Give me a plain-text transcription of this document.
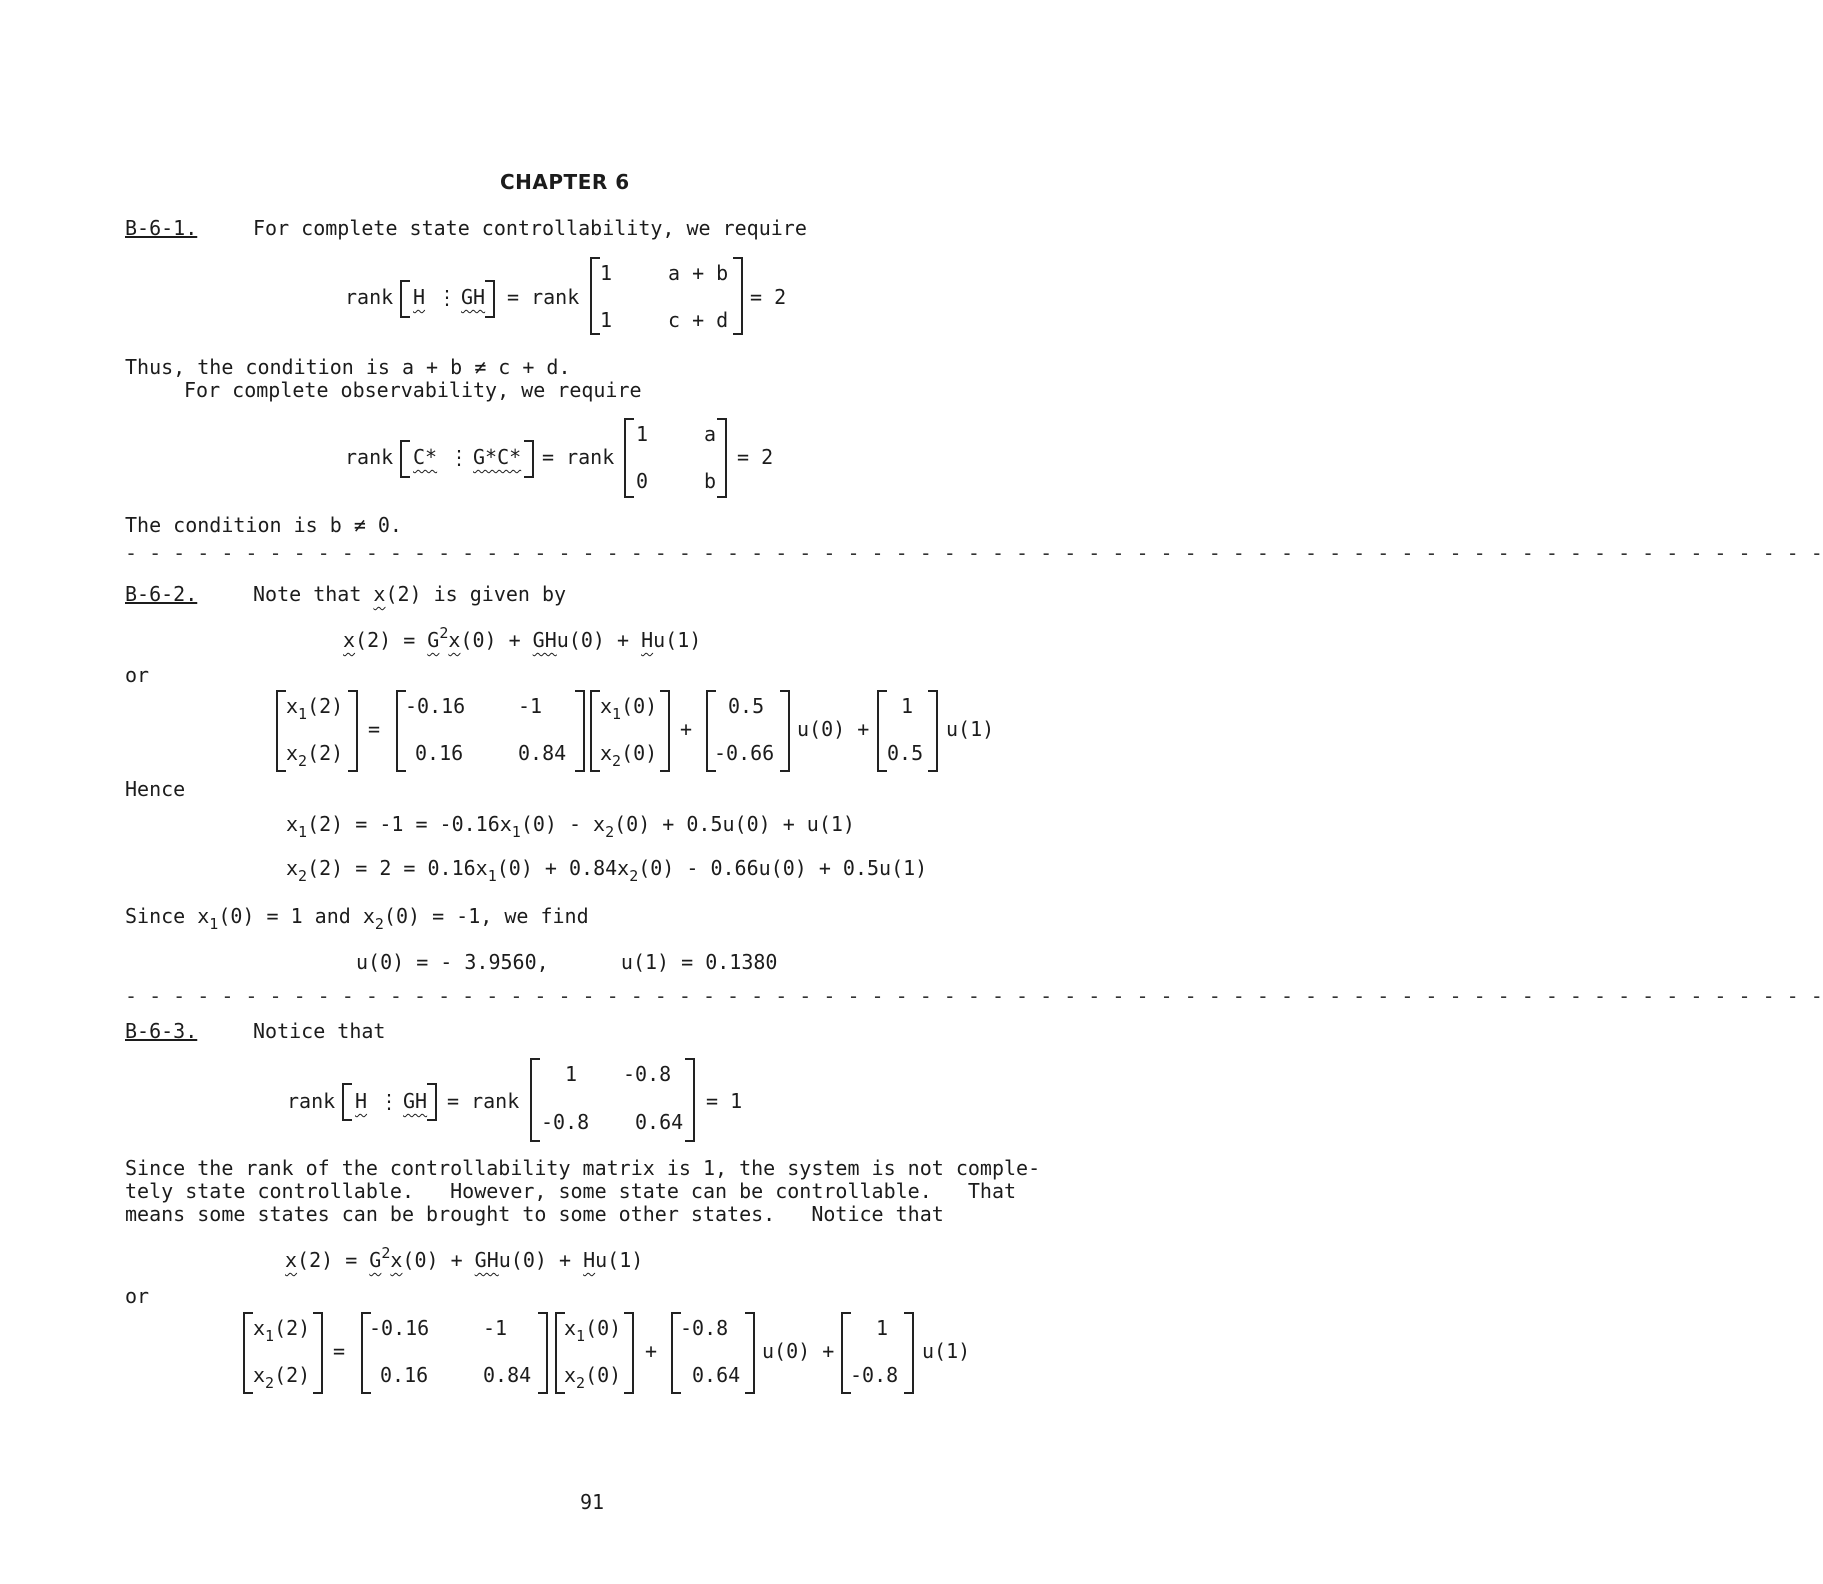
CHAPTER 6
B-6-1.	For complete state controllability, we require
rank H ⋮ GH = rank
1	a + b
1	c + d
= 2
Thus, the condition is a + b ≠ c + d.
For complete observability, we require
rank C* ⋮ G*C* = rank
1	a
0	b
= 2
The condition is b ≠ 0.
- - - - - - - - - - - - - - - - - - - - - - - - - - - - - - - - - - - - - - - - - - - - - - - - - - - - - - - - - - - - - - - - - - - - - - -
B-6-2.	Note that x(2) is given by
$x(2) = G^2x(0) + GHu(0) + Hu(1)$
or
$x_1(2)$
$x_2(2)$
=
-0.16	-1
0.16	0.84
$x_1(0)$
$x_2(0)$
+
0.5
-0.66
u(0) +
1
0.5
u(1)
Hence
$x_1(2) = -1 = -0.16x_1(0) - x_2(0) + 0.5u(0) + u(1)$
$x_2(2) = 2 = 0.16x_1(0) + 0.84x_2(0) - 0.66u(0) + 0.5u(1)$
Since $x_1(0) = 1$ and $x_2(0) = -1$, we find
u(0) = - 3.9560,      u(1) = 0.1380
- - - - - - - - - - - - - - - - - - - - - - - - - - - - - - - - - - - - - - - - - - - - - - - - - - - - - - - - - - - - - - - - - - - - - - -
B-6-3.	Notice that
rank H ⋮ GH = rank
1 -0.8
-0.8 0.64
= 1
Since the rank of the controllability matrix is 1, the system is not comple-
tely state controllable.   However, some state can be controllable.   That
means some states can be brought to some other states.   Notice that
$x(2) = G^2x(0) + GHu(0) + Hu(1)$
or
$x_1(2)$
$x_2(2)$
=
-0.16	-1
0.16	0.84
$x_1(0)$
$x_2(0)$
+
-0.8
0.64
u(0) +
1
-0.8
u(1)
91
